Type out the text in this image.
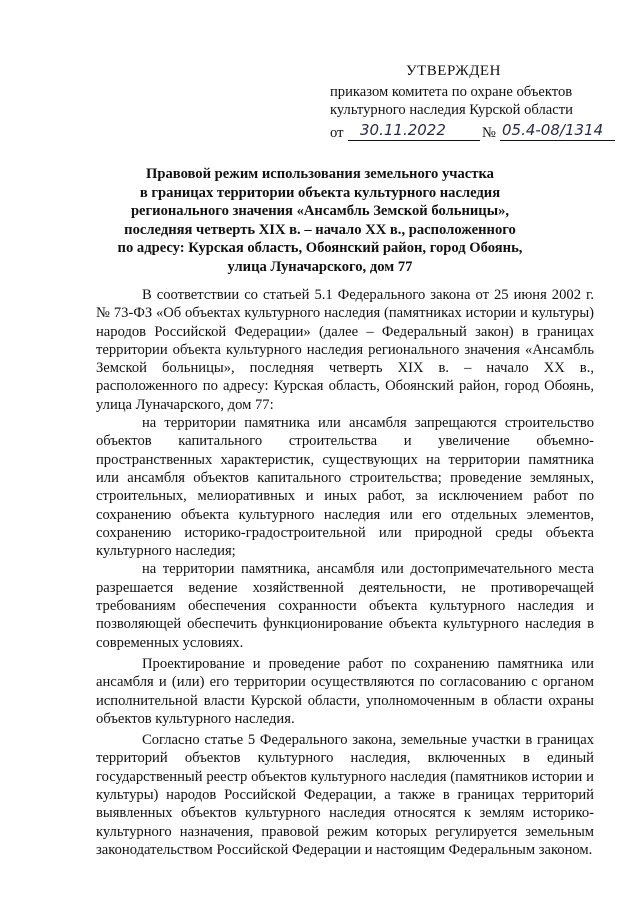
УТВЕРЖДЕН
приказом комитета по охране объектов
культурного наследия Курской области
от 30.11.2022 № 05.4-08/1314
Правовой режим использования земельного участка
в границах территории объекта культурного наследия
регионального значения «Ансамбль Земской больницы»,
последняя четверть XIX в. – начало XX в., расположенного
по адресу: Курская область, Обоянский район, город Обоянь,
улица Луначарского, дом 77

В соответствии со статьей 5.1 Федерального закона от 25 июня 2002 г. № 73-ФЗ «Об объектах культурного наследия (памятниках истории и культуры) народов Российской Федерации» (далее – Федеральный закон) в границах территории объекта культурного наследия регионального значения «Ансамбль Земской больницы», последняя четверть XIX в. – начало XX в., расположенного по адресу: Курская область, Обоянский район, город Обоянь, улица Луначарского, дом 77:

на территории памятника или ансамбля запрещаются строительство объектов капитального строительства и увеличение объемно-пространственных характеристик, существующих на территории памятника или ансамбля объектов капитального строительства; проведение земляных, строительных, мелиоративных и иных работ, за исключением работ по сохранению объекта культурного наследия или его отдельных элементов, сохранению историко-градостроительной или природной среды объекта культурного наследия;

на территории памятника, ансамбля или достопримечательного места разрешается ведение хозяйственной деятельности, не противоречащей требованиям обеспечения сохранности объекта культурного наследия и позволяющей обеспечить функционирование объекта культурного наследия в современных условиях.

Проектирование и проведение работ по сохранению памятника или ансамбля и (или) его территории осуществляются по согласованию с органом исполнительной власти Курской области, уполномоченным в области охраны объектов культурного наследия.

Согласно статье 5 Федерального закона, земельные участки в границах территорий объектов культурного наследия, включенных в единый государственный реестр объектов культурного наследия (памятников истории и культуры) народов Российской Федерации, а также в границах территорий выявленных объектов культурного наследия относятся к землям историко-культурного назначения, правовой режим которых регулируется земельным законодательством Российской Федерации и настоящим Федеральным законом.
